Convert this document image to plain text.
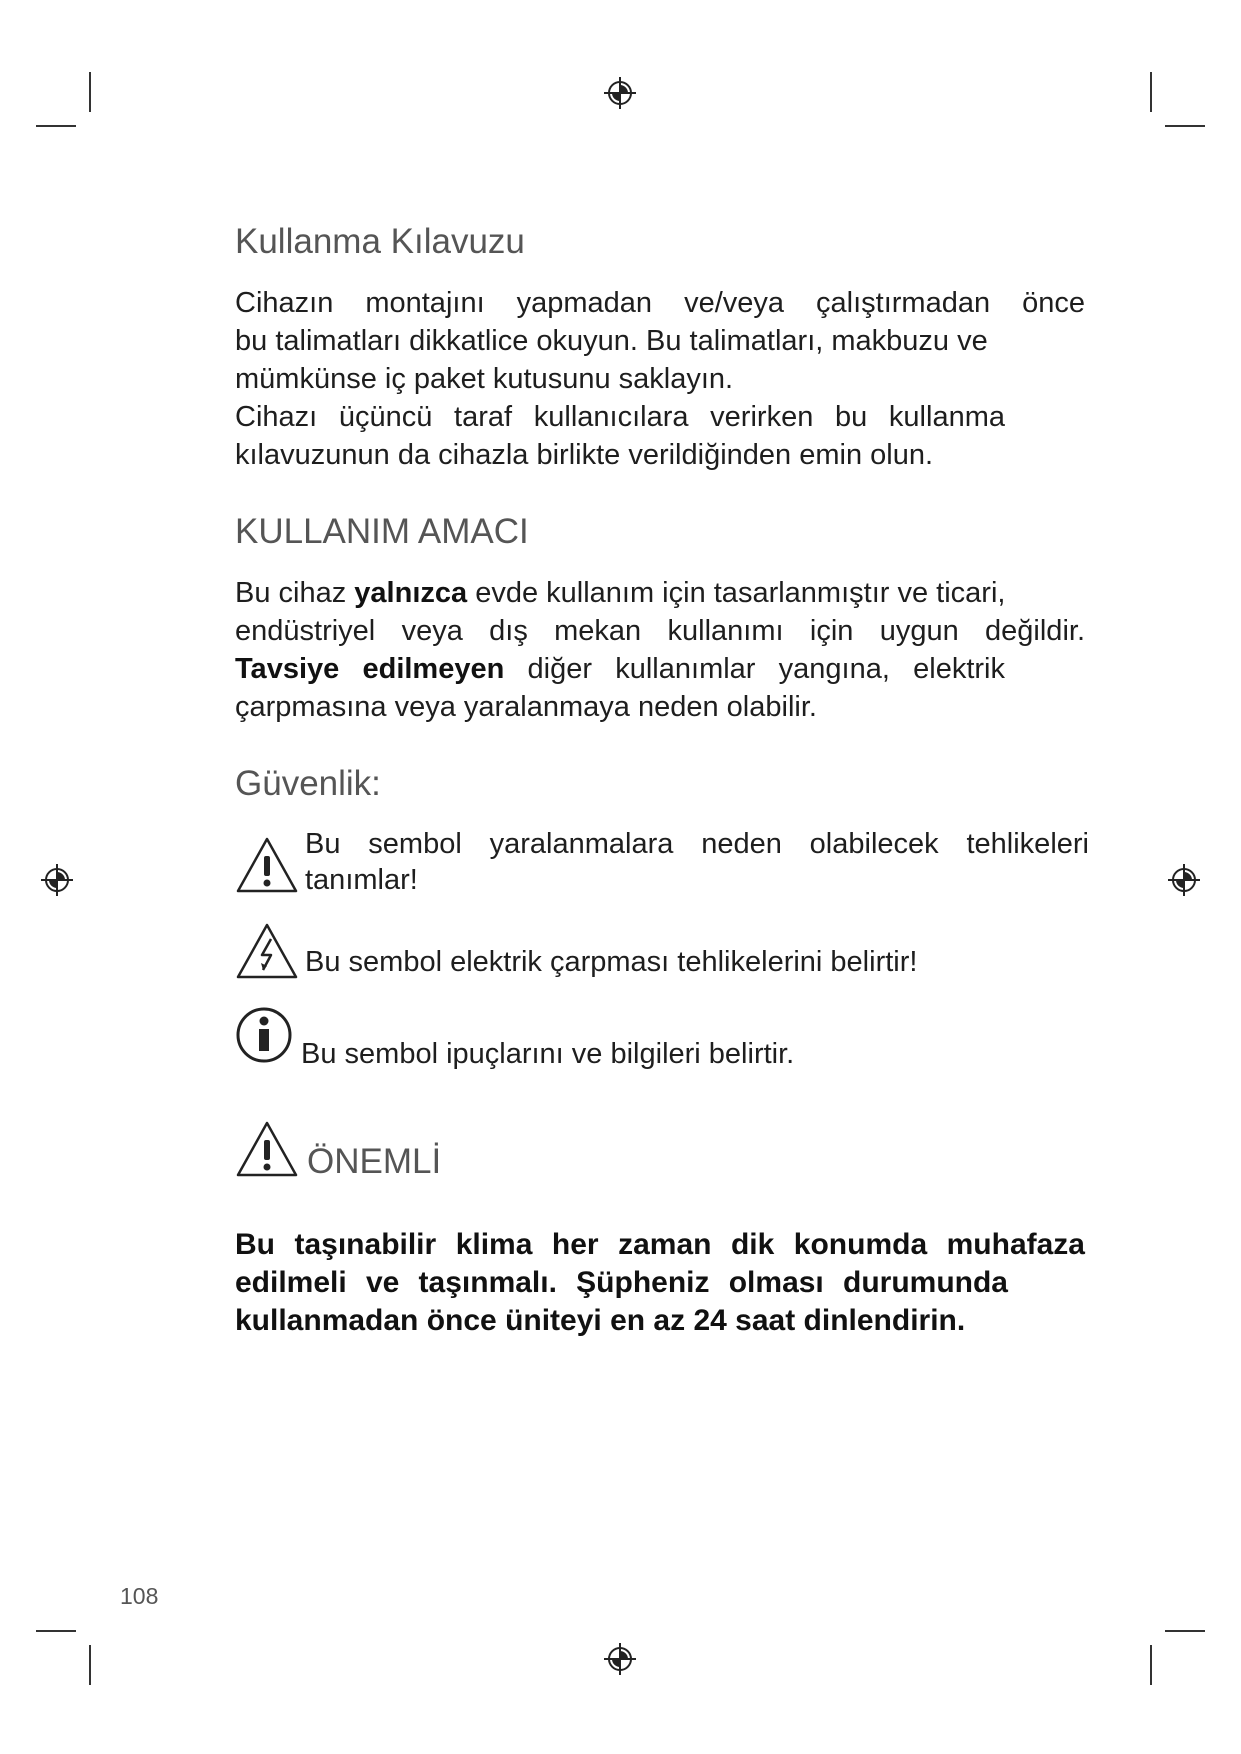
Kullanma Kılavuzu
Cihazın montajını yapmadan ve/veya çalıştırmadan önce
bu talimatları dikkatlice okuyun. Bu talimatları, makbuzu ve
mümkünse iç paket kutusunu saklayın.
Cihazı üçüncü taraf kullanıcılara verirken bu kullanma
kılavuzunun da cihazla birlikte verildiğinden emin olun.
KULLANIM AMACI
Bu cihaz yalnızca evde kullanım için tasarlanmıştır ve ticari,
endüstriyel veya dış mekan kullanımı için uygun değildir.
Tavsiye edilmeyen diğer kullanımlar yangına, elektrik
çarpmasına veya yaralanmaya neden olabilir.
Güvenlik:
Bu sembol yaralanmalara neden olabilecek tehlikeleri
tanımlar!
Bu sembol elektrik çarpması tehlikelerini belirtir!
Bu sembol ipuçlarını ve bilgileri belirtir.
ÖNEMLİ
Bu taşınabilir klima her zaman dik konumda muhafaza
edilmeli ve taşınmalı. Şüpheniz olması durumunda
kullanmadan önce üniteyi en az 24 saat dinlendirin.
108
